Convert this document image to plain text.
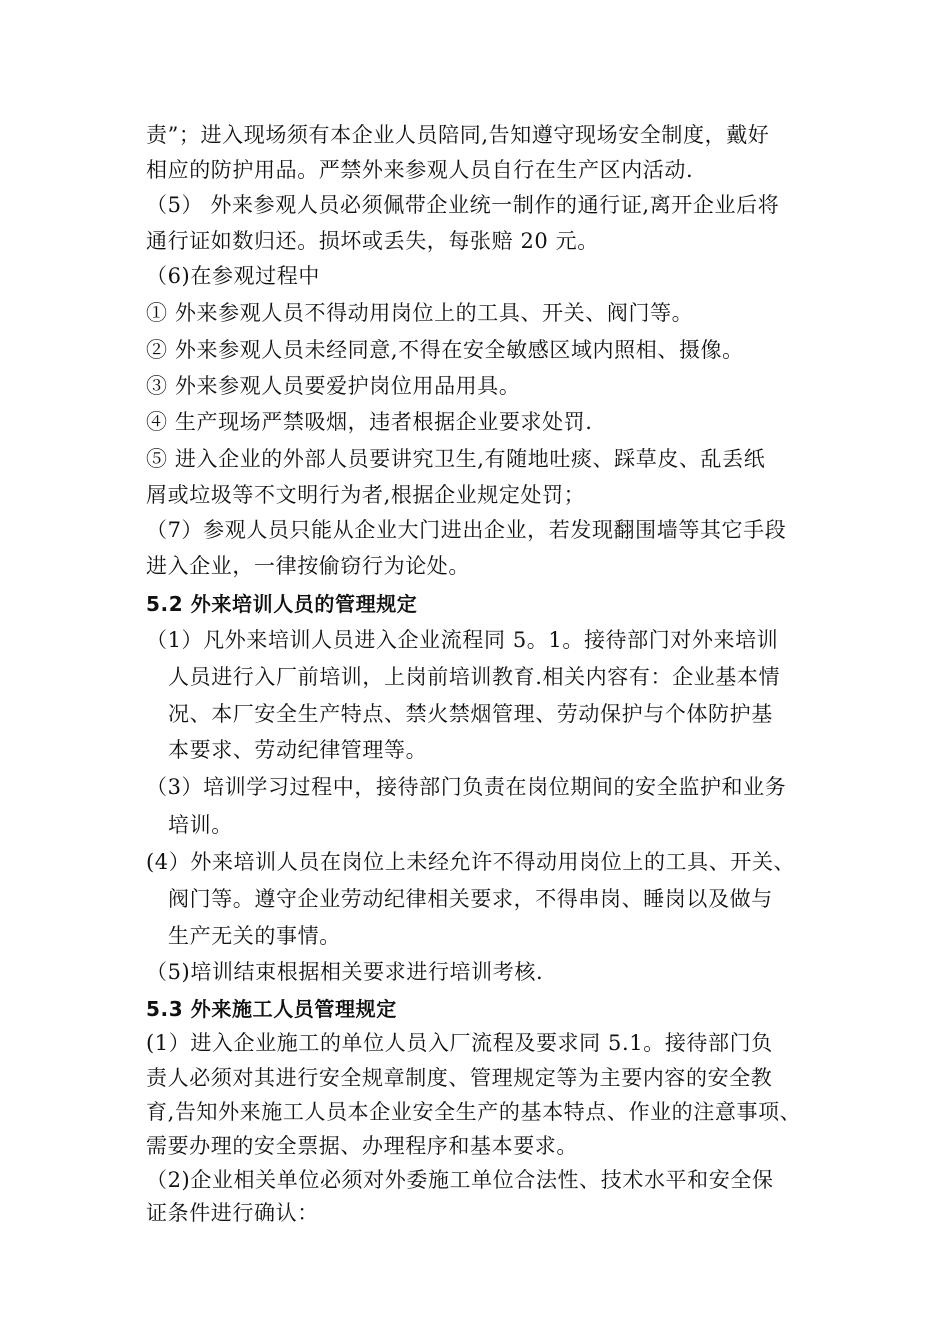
责”；进入现场须有本企业人员陪同,告知遵守现场安全制度，戴好
相应的防护用品。严禁外来参观人员自行在生产区内活动.
（5） 外来参观人员必须佩带企业统一制作的通行证,离开企业后将
通行证如数归还。损坏或丢失，每张赔 20 元。
（6)在参观过程中
① 外来参观人员不得动用岗位上的工具、开关、阀门等。
② 外来参观人员未经同意,不得在安全敏感区域内照相、摄像。
③ 外来参观人员要爱护岗位用品用具。
④ 生产现场严禁吸烟，违者根据企业要求处罚.
⑤ 进入企业的外部人员要讲究卫生,有随地吐痰、踩草皮、乱丢纸
屑或垃圾等不文明行为者,根据企业规定处罚；
（7）参观人员只能从企业大门进出企业，若发现翻围墙等其它手段
进入企业，一律按偷窃行为论处。
5.2 外来培训人员的管理规定
（1）凡外来培训人员进入企业流程同 5。1。接待部门对外来培训
人员进行入厂前培训，上岗前培训教育.相关内容有：企业基本情
况、本厂安全生产特点、禁火禁烟管理、劳动保护与个体防护基
本要求、劳动纪律管理等。
（3）培训学习过程中，接待部门负责在岗位期间的安全监护和业务
培训。
(4）外来培训人员在岗位上未经允许不得动用岗位上的工具、开关、
阀门等。遵守企业劳动纪律相关要求，不得串岗、睡岗以及做与
生产无关的事情。
（5)培训结束根据相关要求进行培训考核.
5.3 外来施工人员管理规定
(1）进入企业施工的单位人员入厂流程及要求同 5.1。接待部门负
责人必须对其进行安全规章制度、管理规定等为主要内容的安全教
育,告知外来施工人员本企业安全生产的基本特点、作业的注意事项、
需要办理的安全票据、办理程序和基本要求。
（2)企业相关单位必须对外委施工单位合法性、技术水平和安全保
证条件进行确认：
